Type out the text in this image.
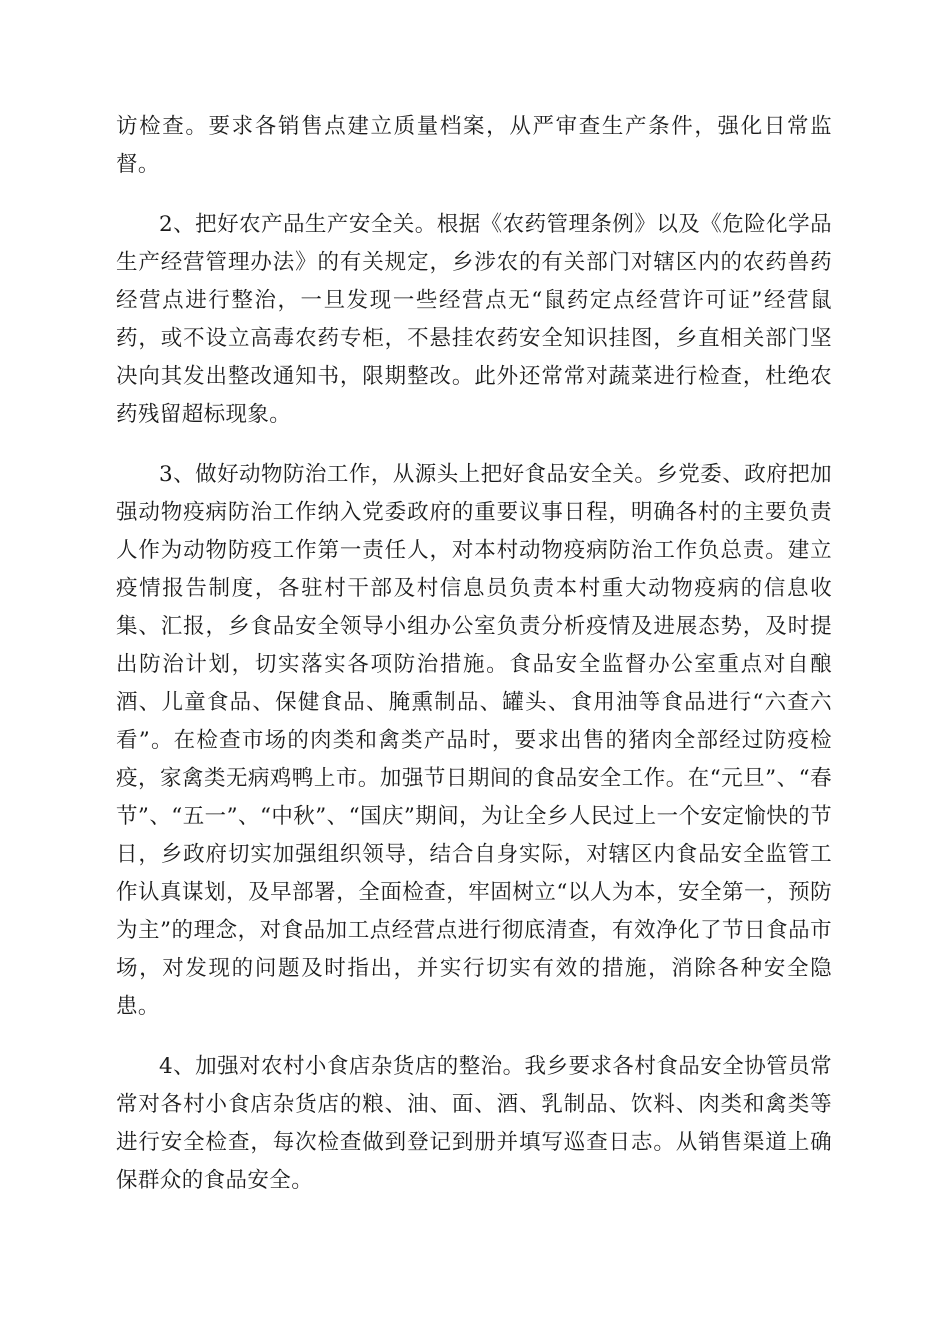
访检查。要求各销售点建立质量档案，从严审查生产条件，强化日常监督。

2、把好农产品生产安全关。根据《农药管理条例》以及《危险化学品生产经营管理办法》的有关规定，乡涉农的有关部门对辖区内的农药兽药经营点进行整治，一旦发现一些经营点无“鼠药定点经营许可证”经营鼠药，或不设立高毒农药专柜，不悬挂农药安全知识挂图，乡直相关部门坚决向其发出整改通知书，限期整改。此外还常常对蔬菜进行检查，杜绝农药残留超标现象。

3、做好动物防治工作，从源头上把好食品安全关。乡党委、政府把加强动物疫病防治工作纳入党委政府的重要议事日程，明确各村的主要负责人作为动物防疫工作第一责任人，对本村动物疫病防治工作负总责。建立疫情报告制度，各驻村干部及村信息员负责本村重大动物疫病的信息收集、汇报，乡食品安全领导小组办公室负责分析疫情及进展态势，及时提出防治计划，切实落实各项防治措施。食品安全监督办公室重点对自酿酒、儿童食品、保健食品、腌熏制品、罐头、食用油等食品进行“六查六看”。在检查市场的肉类和禽类产品时，要求出售的猪肉全部经过防疫检疫，家禽类无病鸡鸭上市。加强节日期间的食品安全工作。在“元旦”、“春节”、“五一”、“中秋”、“国庆”期间，为让全乡人民过上一个安定愉快的节日，乡政府切实加强组织领导，结合自身实际，对辖区内食品安全监管工作认真谋划，及早部署，全面检查，牢固树立“以人为本，安全第一，预防为主”的理念，对食品加工点经营点进行彻底清查，有效净化了节日食品市场，对发现的问题及时指出，并实行切实有效的措施，消除各种安全隐患。

4、加强对农村小食店杂货店的整治。我乡要求各村食品安全协管员常常对各村小食店杂货店的粮、油、面、酒、乳制品、饮料、肉类和禽类等进行安全检查，每次检查做到登记到册并填写巡查日志。从销售渠道上确保群众的食品安全。
